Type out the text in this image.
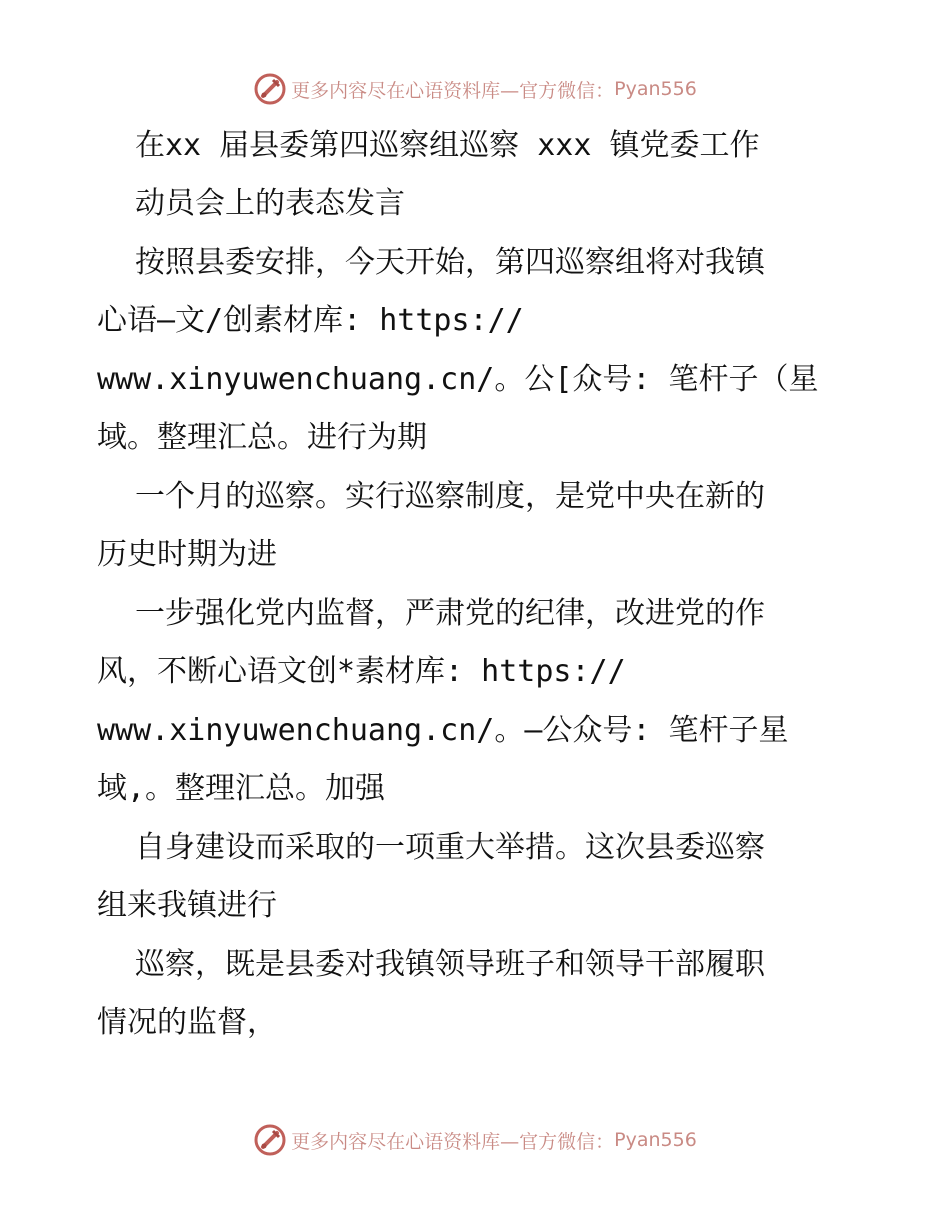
更多内容尽在心语资料库—官方微信： Pyan556
在xx 届县委第四巡察组巡察 xxx 镇党委工作
动员会上的表态发言
按照县委安排，今天开始，第四巡察组将对我镇
心语—文/创素材库: https://
www.xinyuwenchuang.cn/。公[众号: 笔杆子（星
域。整理汇总。进行为期
一个月的巡察。实行巡察制度，是党中央在新的
历史时期为进
一步强化党内监督，严肃党的纪律，改进党的作
风，不断心语文创*素材库: https://
www.xinyuwenchuang.cn/。—公众号: 笔杆子星
域,。整理汇总。加强
自身建设而采取的一项重大举措。这次县委巡察
组来我镇进行
巡察，既是县委对我镇领导班子和领导干部履职
情况的监督，
更多内容尽在心语资料库—官方微信： Pyan556
